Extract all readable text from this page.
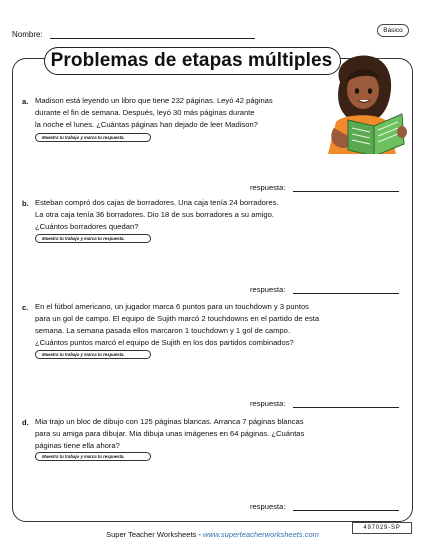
Nombre:	Básico
Problemas de etapas múltiples
a. Madison está leyendo un libro que tiene 232 páginas. Leyó 42 páginas
durante el fin de semana. Después, leyó 30 más páginas durante
la noche el lunes. ¿Cuántas páginas han dejado de leer Madison?
Muestra tu trabajo y marca tu respuesta.
respuesta:
b. Esteban compró dos cajas de borradores. Una caja tenía 24 borradores.
La otra caja tenía 36 borradores. Dio 18 de sus borradores a su amigo.
¿Cuántos borradores quedan?
Muestra tu trabajo y marca tu respuesta.
respuesta:
c. En el fútbol americano, un jugador marca 6 puntos para un touchdown y 3 puntos
para un gol de campo. El equipo de Sujith marcó 2 touchdowns en el partido de esta
semana. La semana pasada ellos marcaron 1 touchdown y 1 gol de campo.
¿Cuántos puntos marcó el equipo de Sujith en los dos partidos combinados?
Muestra tu trabajo y marca tu respuesta.
respuesta:
d. Mia trajo un bloc de dibujo con 125 páginas blancas. Arranca 7 páginas blancas
para su amiga para dibujar. Mia dibuja unas imágenes en 64 páginas. ¿Cuántas
páginas tiene ella ahora?
Muestra tu trabajo y marca tu respuesta.
respuesta:
497029-SP
Super Teacher Worksheets - www.superteacherworksheets.com
